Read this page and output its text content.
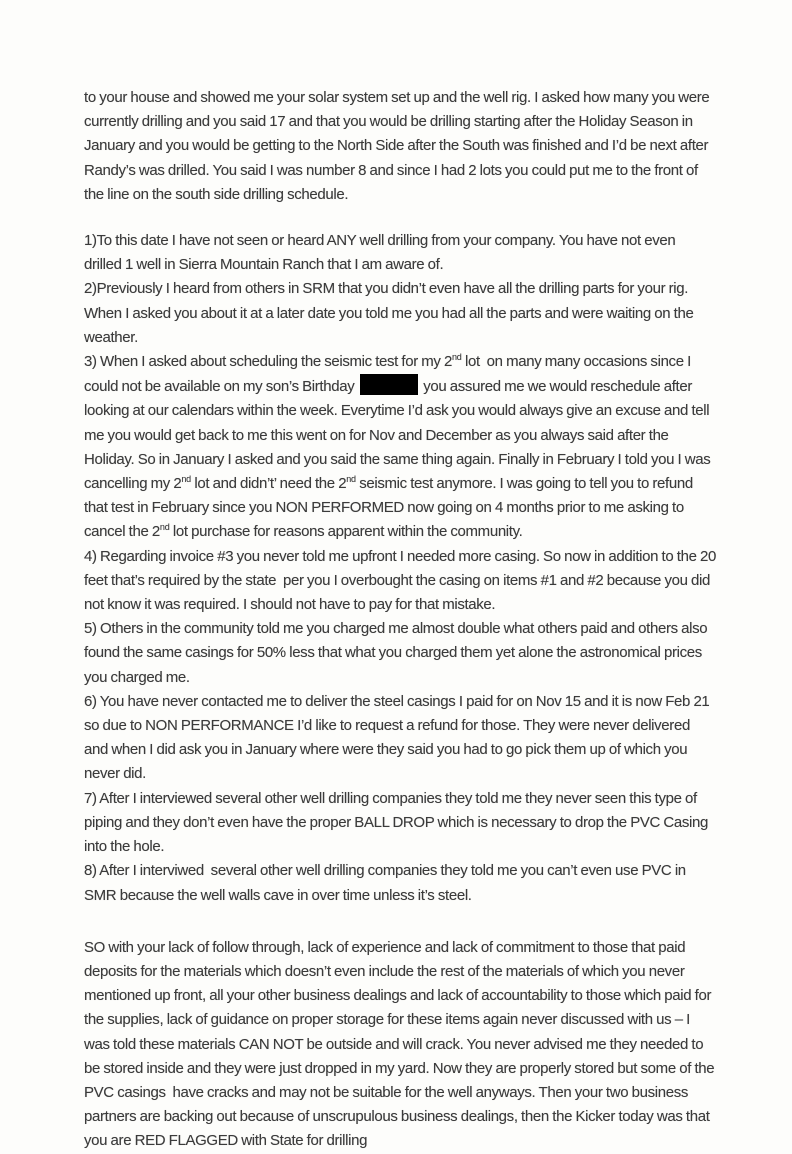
to your house and showed me your solar system set up and the well rig. I asked how many you were currently drilling and you said 17 and that you would be drilling starting after the Holiday Season in January and you would be getting to the North Side after the South was finished and I’d be next after Randy’s was drilled. You said I was number 8 and since I had 2 lots you could put me to the front of the line on the south side drilling schedule.

1)To this date I have not seen or heard ANY well drilling from your company. You have not even drilled 1 well in Sierra Mountain Ranch that I am aware of.

2)Previously I heard from others in SRM that you didn’t even have all the drilling parts for your rig. When I asked you about it at a later date you told me you had all the parts and were waiting on the weather.

3) When I asked about scheduling the seismic test for my 2nd lot  on many many occasions since I could not be available on my son’s Birthday	you assured me we would reschedule after looking at our calendars within the week. Everytime I’d ask you would always give an excuse and tell me you would get back to me this went on for Nov and December as you always said after the Holiday. So in January I asked and you said the same thing again. Finally in February I told you I was cancelling my 2nd lot and didn’t’ need the 2nd seismic test anymore. I was going to tell you to refund that test in February since you NON PERFORMED now going on 4 months prior to me asking to cancel the 2nd lot purchase for reasons apparent within the community.

4) Regarding invoice #3 you never told me upfront I needed more casing. So now in addition to the 20 feet that’s required by the state  per you I overbought the casing on items #1 and #2 because you did not know it was required. I should not have to pay for that mistake.

5) Others in the community told me you charged me almost double what others paid and others also found the same casings for 50% less that what you charged them yet alone the astronomical prices you charged me.

6) You have never contacted me to deliver the steel casings I paid for on Nov 15 and it is now Feb 21 so due to NON PERFORMANCE I’d like to request a refund for those. They were never delivered and when I did ask you in January where were they said you had to go pick them up of which you never did.

7) After I interviewed several other well drilling companies they told me they never seen this type of piping and they don’t even have the proper BALL DROP which is necessary to drop the PVC Casing into the hole.

8) After I interviwed  several other well drilling companies they told me you can’t even use PVC in SMR because the well walls cave in over time unless it’s steel.

SO with your lack of follow through, lack of experience and lack of commitment to those that paid deposits for the materials which doesn’t even include the rest of the materials of which you never mentioned up front, all your other business dealings and lack of accountability to those which paid for the supplies, lack of guidance on proper storage for these items again never discussed with us – I was told these materials CAN NOT be outside and will crack. You never advised me they needed to be stored inside and they were just dropped in my yard. Now they are properly stored but some of the PVC casings  have cracks and may not be suitable for the well anyways. Then your two business partners are backing out because of unscrupulous business dealings, then the Kicker today was that you are RED FLAGGED with State for drilling
